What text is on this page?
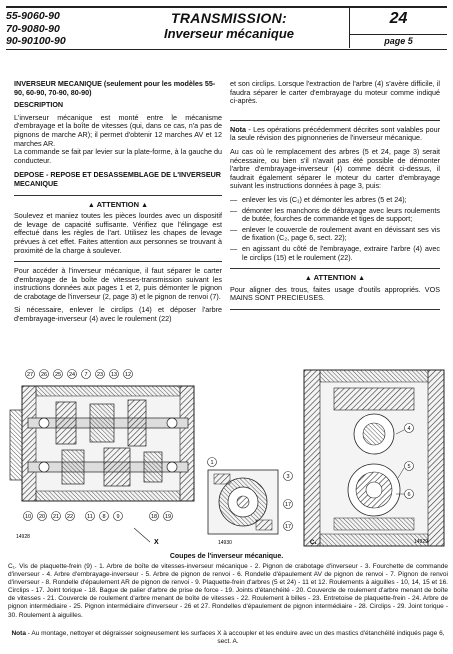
55-9060-90
70-9080-90
90-90100-90
TRANSMISSION:
Inverseur mécanique
24
page 5
INVERSEUR MECANIQUE (seulement pour les modèles 55-90, 60-90, 70-90, 80-90)
DESCRIPTION

L'inverseur mécanique est monté entre le mécanisme d'embrayage et la boîte de vitesses (qui, dans ce cas, n'a pas de pignons de marche AR); il permet d'obtenir 12 marches AV et 12 marches AR.

La commande se fait par levier sur la plate-forme, à la gauche du conducteur.

DEPOSE - REPOSE ET DESASSEMBLAGE DE L'INVERSEUR MECANIQUE
▲ ATTENTION ▲

Soulevez et maniez toutes les pièces lourdes avec un dispositif de levage de capacité suffisante. Vérifiez que l'élingage est effectué dans les règles de l'art. Utilisez les chapes de levage prévues à cet effet. Faites attention aux personnes se trouvant à proximité de la charge à soulever.

Pour accéder à l'inverseur mécanique, il faut séparer le carter d'embrayage de la boîte de vitesses-transmission suivant les instructions données aux pages 1 et 2, puis démonter le pignon de crabotage de l'inverseur (2, page 3) et le pignon de renvoi (7).

Si nécessaire, enlever le circlips (14) et déposer l'arbre d'embrayage-inverseur (4) avec le roulement (22)

et son circlips. Lorsque l'extraction de l'arbre (4) s'avère difficile, il faudra séparer le carter d'embrayage du moteur comme indiqué ci-après.

Nota - Les opérations précédemment décrites sont valables pour la seule révision des pignonneries de l'inverseur mécanique.

Au cas où le remplacement des arbres (5 et 24, page 3) serait nécessaire, ou bien s'il n'avait pas été possible de démonter l'arbre d'embrayage-inverseur (4) comme décrit ci-dessus, il faudrait également séparer le moteur du carter d'embrayage suivant les instructions données à page 3, puis:

— enlever les vis (C₁) et démonter les arbres (5 et 24);
— démonter les manchons de débrayage avec leurs roulements de butée, fourches de commande et tiges de support;
— enlever le couvercle de roulement avant en dévissant ses vis de fixation (C₂, page 6, sect. 22);
— en agissant du côté de l'embrayage, extraire l'arbre (4) avec le circlips (15) et le roulement (22).
▲ ATTENTION ▲

Pour aligner des trous, faites usage d'outils appropriés. VOS MAINS SONT PRECIEUSES.

27 26 25 24 7 23 13 12
10 20 21 22	11 8 9	18 19
14928
X
1
3
17
17
14930
4
5
6
C₁	14929
Coupes de l'inverseur mécanique.
C₁. Vis de plaquette-frein (9) - 1. Arbre de boîte de vitesses-inverseur mécanique - 2. Pignon de crabotage d'inverseur - 3. Fourchette de commande d'inverseur - 4. Arbre d'embrayage-inverseur - 5. Arbre de pignon de renvoi - 6. Rondelle d'épaulement AV de pignon de renvoi - 7. Pignon de renvoi d'inverseur - 8. Rondelle d'épaulement AR de pignon de renvoi - 9. Plaquette-frein d'arbres (5 et 24) - 11 et 12. Roulements à aiguilles - 10, 14, 15 et 16. Circlips - 17. Joint torique - 18. Bague de palier d'arbre de prise de force - 19. Joints d'étanchéité - 20. Couvercle de roulement d'arbre menant de boîte de vitesses - 21. Couvercle de roulement d'arbre menant de boîte de vitesses - 22. Roulement à billes - 23. Entretoise de plaquette-frein - 24. Arbre de pignon intermédiaire - 25. Pignon intermédiaire d'inverseur - 26 et 27. Rondelles d'épaulement de pignon intermédiaire - 28. Circlips - 29. Joint torique - 30. Roulement à aiguilles.
Nota - Au montage, nettoyer et dégraisser soigneusement les surfaces X à accoupler et les enduire avec un des mastics d'étanchéité indiqués page 6, sect. A.
